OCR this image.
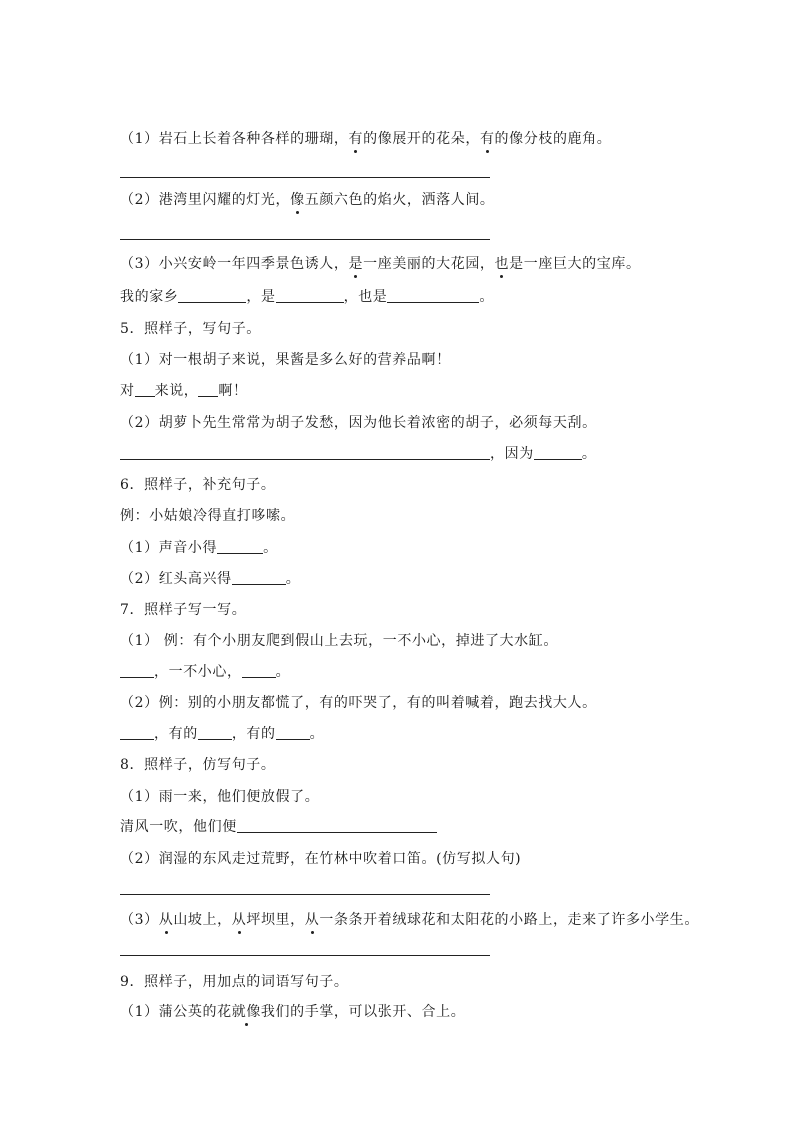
（1）岩石上长着各种各样的珊瑚，有的像展开的花朵，有的像分枝的鹿角。
（2）港湾里闪耀的灯光，像五颜六色的焰火，洒落人间。
（3）小兴安岭一年四季景色诱人，是一座美丽的大花园，也是一座巨大的宝库。
我的家乡	，是	，也是	。
5．照样子，写句子。
（1）对一根胡子来说，果酱是多么好的营养品啊！
对 来说， 啊！
（2）胡萝卜先生常常为胡子发愁，因为他长着浓密的胡子，必须每天刮。
，因为	。
6．照样子，补充句子。
例：小姑娘冷得直打哆嗦。
（1）声音小得	。
（2）红头高兴得	。
7．照样子写一写。
（1） 例：有个小朋友爬到假山上去玩，一不小心，掉进了大水缸。
，一不小心， 。
（2）例：别的小朋友都慌了，有的吓哭了，有的叫着喊着，跑去找大人。
，有的 ，有的 。
8．照样子，仿写句子。
（1）雨一来，他们便放假了。
清风一吹，他们便
（2）润湿的东风走过荒野，在竹林中吹着口笛。(仿写拟人句)
（3）从山坡上，从坪坝里，从一条条开着绒球花和太阳花的小路上，走来了许多小学生。
9．照样子，用加点的词语写句子。
（1）蒲公英的花就像我们的手掌，可以张开、合上。
